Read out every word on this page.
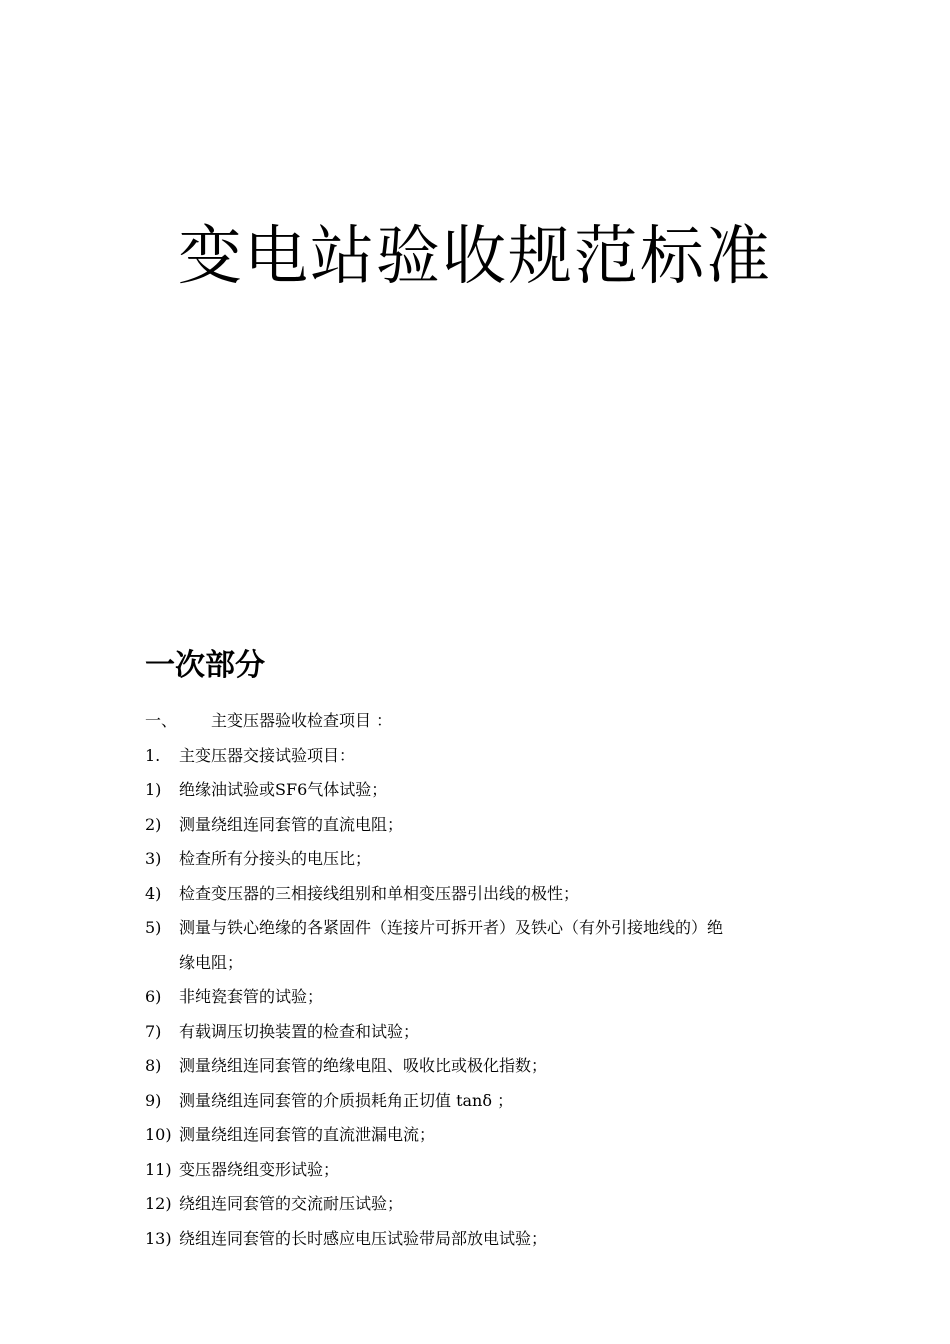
变电站验收规范标准
一次部分
一、 主变压器验收检查项目 ：
1. 主变压器交接试验项目：
1) 绝缘油试验或SF6气体试验；
2) 测量绕组连同套管的直流电阻；
3) 检查所有分接头的电压比；
4) 检查变压器的三相接线组别和单相变压器引出线的极性；
5) 测量与铁心绝缘的各紧固件（连接片可拆开者）及铁心（有外引接地线的）绝
缘电阻；
6) 非纯瓷套管的试验；
7) 有载调压切换装置的检查和试验；
8) 测量绕组连同套管的绝缘电阻、吸收比或极化指数；
9) 测量绕组连同套管的介质损耗角正切值 tanδ ；
10) 测量绕组连同套管的直流泄漏电流；
11) 变压器绕组变形试验；
12) 绕组连同套管的交流耐压试验；
13) 绕组连同套管的长时感应电压试验带局部放电试验；
